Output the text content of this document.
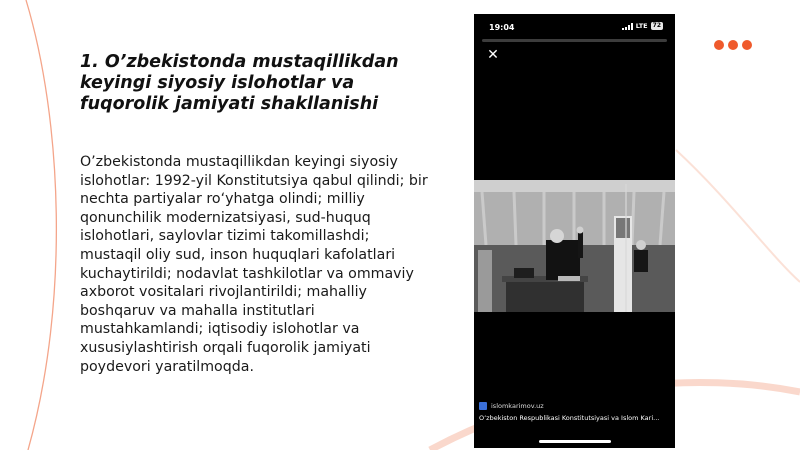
1. O’zbekistonda mustaqillikdan keyingi siyosiy islohotlar va fuqorolik jamiyati shakllanishi

O’zbekistonda mustaqillikdan keyingi siyosiy islohotlar: 1992-yil Konstitutsiya qabul qilindi; bir nechta partiyalar ro‘yhatga olindi; milliy qonunchilik modernizatsiyasi, sud-huquq islohotlari, saylovlar tizimi takomillashdi; mustaqil oliy sud, inson huquqlari kafolatlari kuchaytirildi; nodavlat tashkilotlar va ommaviy axborot vositalari rivojlantirildi; mahalliy boshqaruv va mahalla institutlari mustahkamlandi; iqtisodiy islohotlar va xususiylashtirish orqali fuqorolik jamiyati poydevori yaratilmoqda.

19:04	LTE 72
✕
islomkarimov.uz
O’zbekiston Respublikasi Konstitutsiyasi va Islom Kari...
